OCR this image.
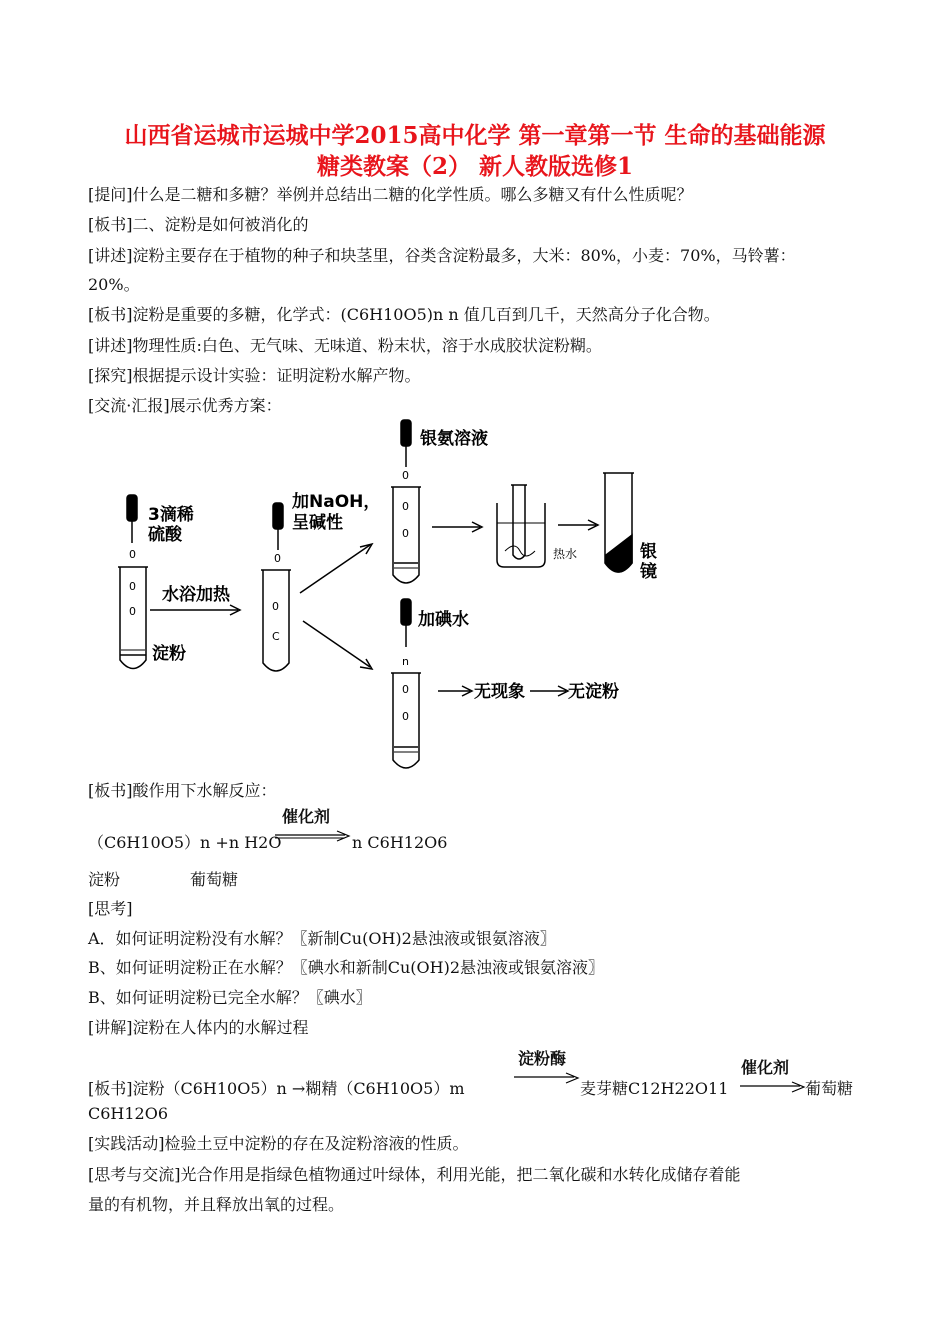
山西省运城市运城中学2015高中化学 第一章第一节 生命的基础能源
糖类教案（2） 新人教版选修1
[提问]什么是二糖和多糖？举例并总结出二糖的化学性质。哪么多糖又有什么性质呢？
[板书]二、淀粉是如何被消化的
[讲述]淀粉主要存在于植物的种子和块茎里，谷类含淀粉最多，大米：80%，小麦：70%，马铃薯：
20%。
[板书]淀粉是重要的多糖，化学式：(C6H10O5)n n 值几百到几千，天然高分子化合物。
[讲述]物理性质:白色、无气味、无味道、粉末状，溶于水成胶状淀粉糊。
[探究]根据提示设计实验：证明淀粉水解产物。
[交流·汇报]展示优秀方案：
0
0
0
0
0
C
0
0
0
n
0
0
3滴稀
硫酸
淀粉
水浴加热
加NaOH，
呈碱性
银氨溶液
热水	银
镜
加碘水
无现象	无淀粉
[板书]酸作用下水解反应：
（C6H10O5）n +n H2O
催化剂
n C6H12O6
淀粉	葡萄糖
[思考]
A．如何证明淀粉没有水解？〖新制Cu(OH)2悬浊液或银氨溶液〗
B、如何证明淀粉正在水解？〖碘水和新制Cu(OH)2悬浊液或银氨溶液〗
B、如何证明淀粉已完全水解？〖碘水〗
[讲解]淀粉在人体内的水解过程
[板书]淀粉（C6H10O5）n →糊精（C6H10O5）m
淀粉酶
麦芽糖C12H22O11
催化剂
葡萄糖
C6H12O6
[实践活动]检验土豆中淀粉的存在及淀粉溶液的性质。
[思考与交流]光合作用是指绿色植物通过叶绿体，利用光能，把二氧化碳和水转化成储存着能
量的有机物，并且释放出氧的过程。
